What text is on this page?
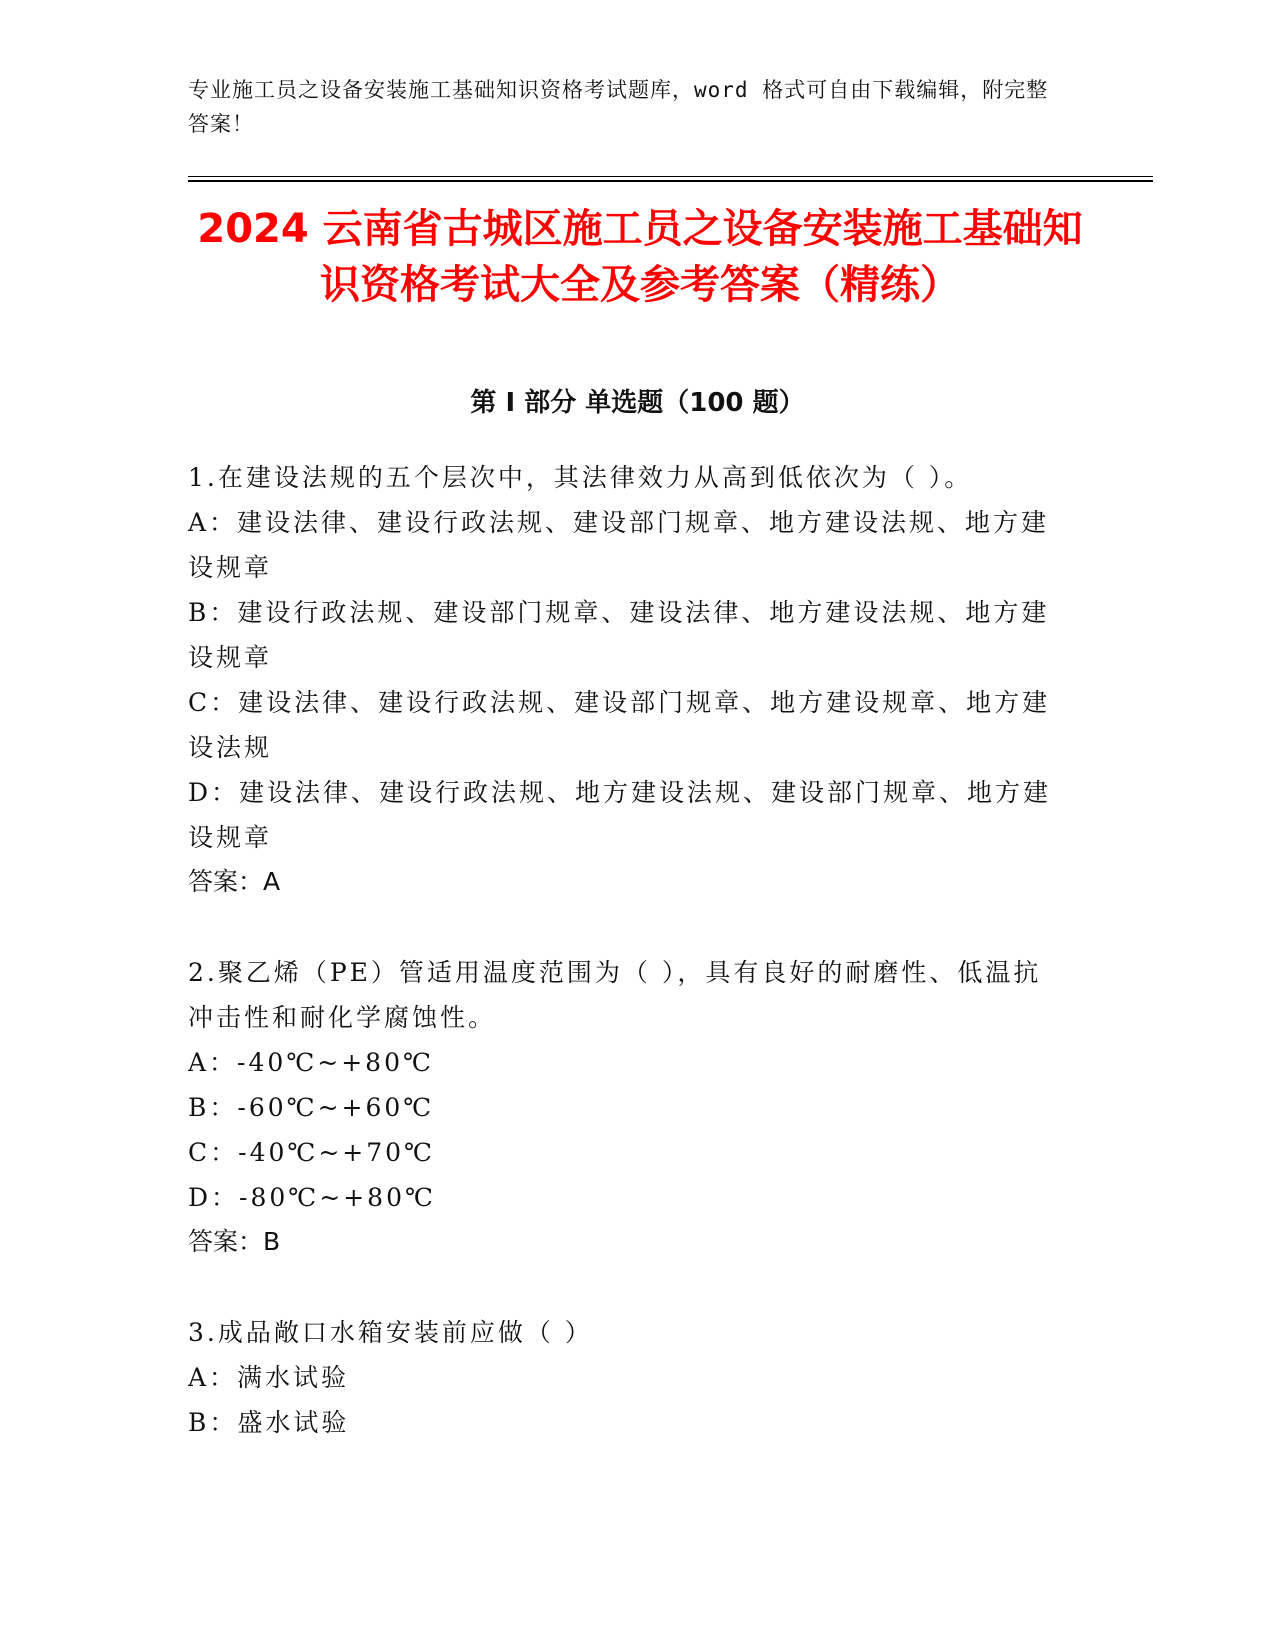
专业施工员之设备安装施工基础知识资格考试题库，word 格式可自由下载编辑，附完整答案！
2024 云南省古城区施工员之设备安装施工基础知识资格考试大全及参考答案（精练）
第 I 部分 单选题（100 题）
1.在建设法规的五个层次中，其法律效力从高到低依次为（ ）。
A：建设法律、建设行政法规、建设部门规章、地方建设法规、地方建设规章
B：建设行政法规、建设部门规章、建设法律、地方建设法规、地方建设规章
C：建设法律、建设行政法规、建设部门规章、地方建设规章、地方建设法规
D：建设法律、建设行政法规、地方建设法规、建设部门规章、地方建设规章
答案：A
2.聚乙烯（PE）管适用温度范围为（ ），具有良好的耐磨性、低温抗冲击性和耐化学腐蚀性。
A：-40℃~+80℃
B：-60℃~+60℃
C：-40℃~+70℃
D：-80℃~+80℃
答案：B
3.成品敞口水箱安装前应做（ ）
A：满水试验
B：盛水试验
